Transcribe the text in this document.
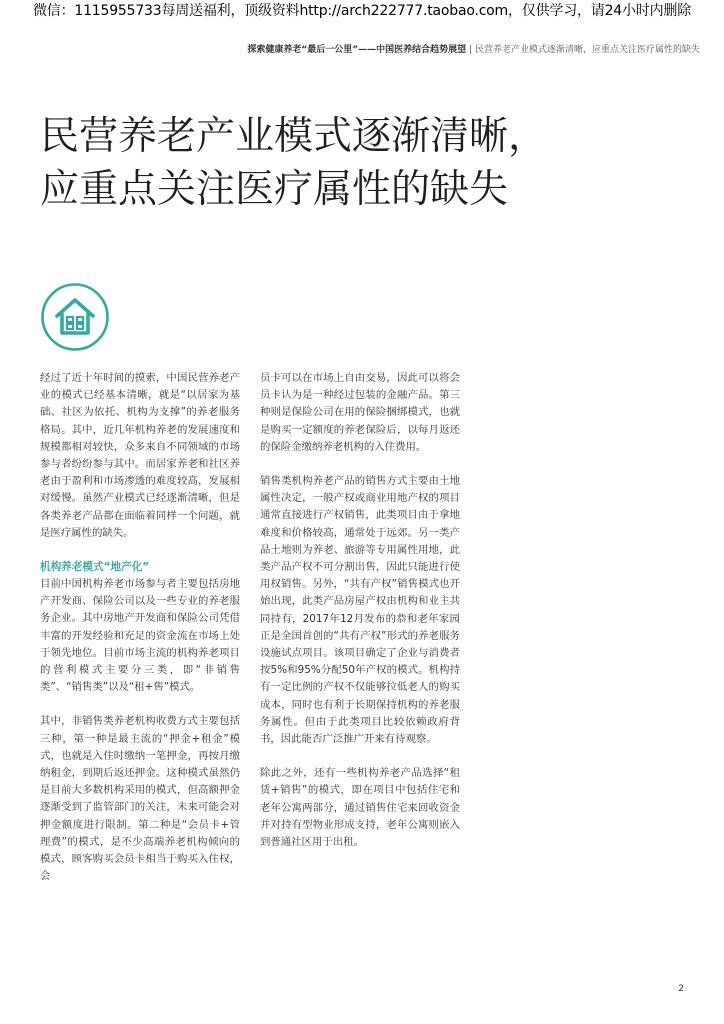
微信：1115955733每周送福利，顶级资料http://arch222777.taobao.com，仅供学习，请24小时内删除
探索健康养老“最后一公里”——中国医养结合趋势展望 | 民营养老产业模式逐渐清晰，应重点关注医疗属性的缺失
民营养老产业模式逐渐清晰，
应重点关注医疗属性的缺失

经过了近十年时间的摸索，中国民营养老产业的模式已经基本清晰，就是“以居家为基础、社区为依托、机构为支撑”的养老服务格局。其中，近几年机构养老的发展速度和规模都相对较快，众多来自不同领域的市场参与者纷纷参与其中。而居家养老和社区养老由于盈利和市场渗透的难度较高，发展相对缓慢。虽然产业模式已经逐渐清晰，但是各类养老产品都在面临着同样一个问题，就是医疗属性的缺失。

机构养老模式“地产化”

目前中国机构养老市场参与者主要包括房地产开发商、保险公司以及一些专业的养老服务企业。其中房地产开发商和保险公司凭借丰富的开发经验和充足的资金流在市场上处于领先地位。目前市场主流的机构养老项目的营利模式主要分三类，即“非销售类”、“销售类”以及“租+售”模式。

其中，非销售类养老机构收费方式主要包括三种，第一种是最主流的“押金+租金”模式，也就是入住时缴纳一笔押金，再按月缴纳租金，到期后返还押金。这种模式虽然仍是目前大多数机构采用的模式，但高额押金逐渐受到了监管部门的关注，未来可能会对押金额度进行限制。第二种是“会员卡+管理费”的模式，是不少高端养老机构倾向的模式，顾客购买会员卡相当于购买入住权，会

员卡可以在市场上自由交易，因此可以将会员卡认为是一种经过包装的金融产品。第三种则是保险公司在用的保险捆绑模式，也就是购买一定额度的养老保险后，以每月返还的保险金缴纳养老机构的入住费用。

销售类机构养老产品的销售方式主要由土地属性决定，一般产权或商业用地产权的项目通常直接进行产权销售，此类项目由于拿地难度和价格较高，通常处于远郊。另一类产品土地则为养老、旅游等专用属性用地，此类产品产权不可分割出售，因此只能进行使用权销售。另外，“共有产权”销售模式也开始出现，此类产品房屋产权由机构和业主共同持有，2017年12月发布的恭和老年家园正是全国首创的“共有产权”形式的养老服务设施试点项目。该项目确定了企业与消费者按5%和95%分配50年产权的模式。机构持有一定比例的产权不仅能够拉低老人的购买成本，同时也有利于长期保持机构的养老服务属性。但由于此类项目比较依赖政府背书，因此能否广泛推广开来有待观察。

除此之外，还有一些机构养老产品选择“租赁+销售”的模式，即在项目中包括住宅和老年公寓两部分，通过销售住宅来回收资金并对持有型物业形成支持，老年公寓则嵌入到普通社区用于出租。

2
